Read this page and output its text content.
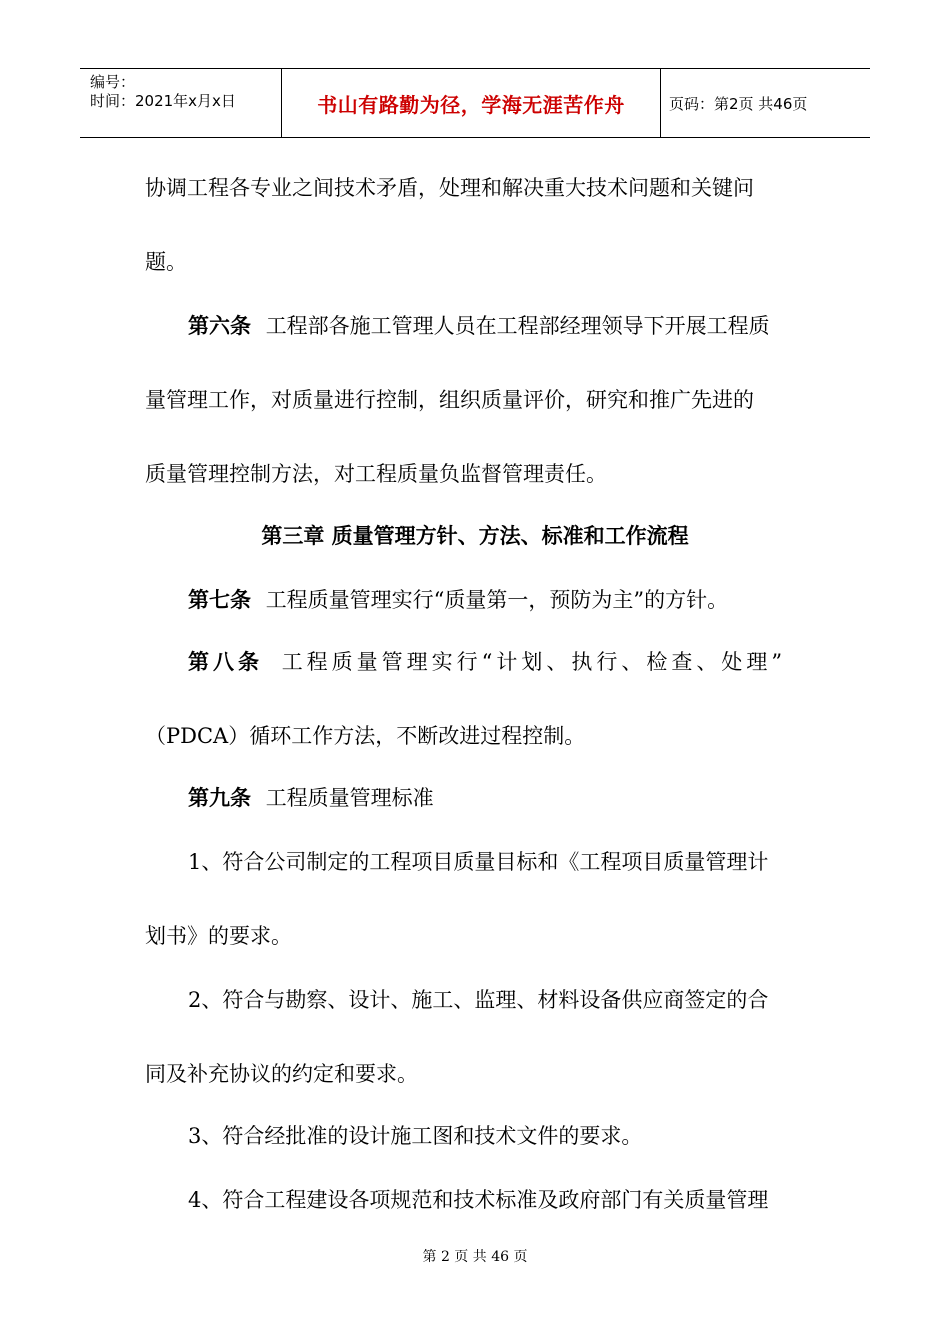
编号：
时间：2021年x月x日	书山有路勤为径，学海无涯苦作舟	页码：第2页 共46页
协调工程各专业之间技术矛盾，处理和解决重大技术问题和关键问
题。
第六条 工程部各施工管理人员在工程部经理领导下开展工程质
量管理工作，对质量进行控制，组织质量评价，研究和推广先进的
质量管理控制方法，对工程质量负监督管理责任。
第三章 质量管理方针、方法、标准和工作流程
第七条 工程质量管理实行“质量第一，预防为主”的方针。
第八条 工程质量管理实行“计划、执行、检查、处理”
（PDCA）循环工作方法，不断改进过程控制。
第九条 工程质量管理标准
1、符合公司制定的工程项目质量目标和《工程项目质量管理计
划书》的要求。
2、符合与勘察、设计、施工、监理、材料设备供应商签定的合
同及补充协议的约定和要求。
3、符合经批准的设计施工图和技术文件的要求。
4、符合工程建设各项规范和技术标准及政府部门有关质量管理
第 2 页 共 46 页
